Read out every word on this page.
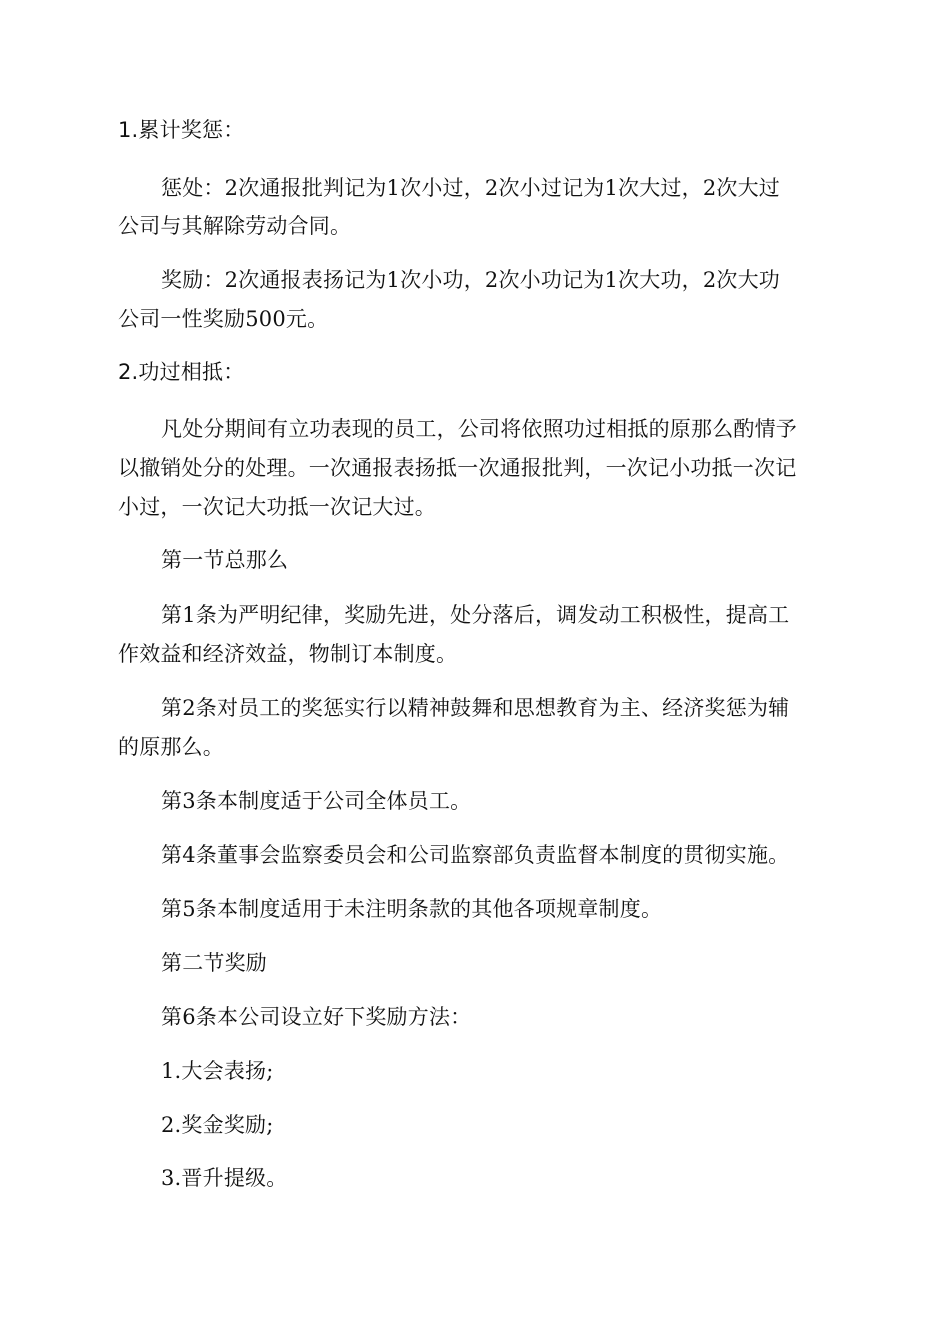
1.累计奖惩：
惩处：2次通报批判记为1次小过，2次小过记为1次大过，2次大过
公司与其解除劳动合同。
奖励：2次通报表扬记为1次小功，2次小功记为1次大功，2次大功
公司一性奖励500元。
2.功过相抵：
凡处分期间有立功表现的员工，公司将依照功过相抵的原那么酌情予
以撤销处分的处理。一次通报表扬抵一次通报批判，一次记小功抵一次记
小过，一次记大功抵一次记大过。
第一节总那么
第1条为严明纪律，奖励先进，处分落后，调发动工积极性，提高工
作效益和经济效益，物制订本制度。
第2条对员工的奖惩实行以精神鼓舞和思想教育为主、经济奖惩为辅
的原那么。
第3条本制度适于公司全体员工。
第4条董事会监察委员会和公司监察部负责监督本制度的贯彻实施。
第5条本制度适用于未注明条款的其他各项规章制度。
第二节奖励
第6条本公司设立好下奖励方法：
1.大会表扬;
2.奖金奖励;
3.晋升提级。
